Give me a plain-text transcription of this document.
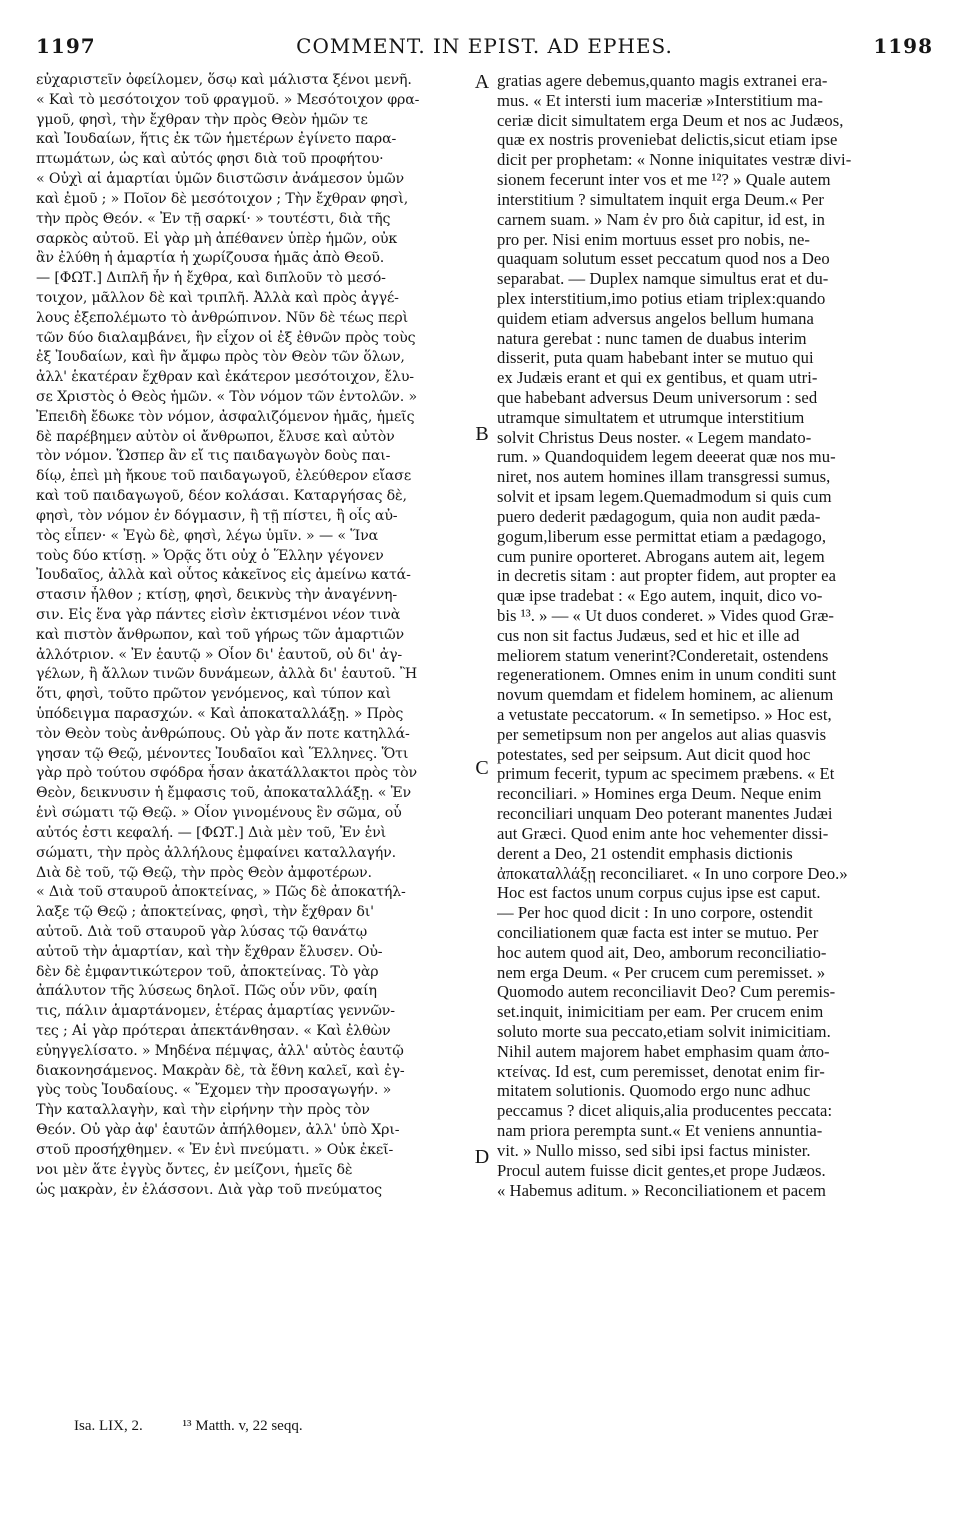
1197	COMMENT. IN EPIST. AD EPHES.	1198
εὐχαριστεῖν ὀφείλομεν, ὅσῳ καὶ μάλιστα ξένοι μενῆ.
« Καὶ τὸ μεσότοιχον τοῦ φραγμοῦ. » Μεσότοιχον φρα-
γμοῦ, φησὶ, τὴν ἔχθραν τὴν πρὸς Θεὸν ἡμῶν τε
καὶ Ἰουδαίων, ἥτις ἐκ τῶν ἡμετέρων ἐγίνετο παρα-
πτωμάτων, ὡς καὶ αὐτός φησι διὰ τοῦ προφήτου·
« Οὐχὶ αἱ ἁμαρτίαι ὑμῶν διιστῶσιν ἀνάμεσον ὑμῶν
καὶ ἐμοῦ ; » Ποῖον δὲ μεσότοιχον ; Τὴν ἔχθραν φησὶ,
τὴν πρὸς Θεόν. « Ἐν τῇ σαρκί· » τουτέστι, διὰ τῆς
σαρκὸς αὐτοῦ. Εἰ γὰρ μὴ ἀπέθανεν ὑπὲρ ἡμῶν, οὐκ
ἂν ἐλύθη ἡ ἁμαρτία ἡ χωρίζουσα ἡμᾶς ἀπὸ Θεοῦ.
— [ΦΩΤ.] Διπλῆ ἦν ἡ ἔχθρα, καὶ διπλοῦν τὸ μεσό-
τοιχον, μᾶλλον δὲ καὶ τριπλῆ. Ἀλλὰ καὶ πρὸς ἀγγέ-
λους ἐξεπολέμωτο τὸ ἀνθρώπινον. Νῦν δὲ τέως περὶ
τῶν δύο διαλαμβάνει, ἣν εἶχον οἱ ἐξ ἐθνῶν πρὸς τοὺς
ἐξ Ἰουδαίων, καὶ ἣν ἄμφω πρὸς τὸν Θεὸν τῶν ὅλων,
ἀλλ' ἑκατέραν ἔχθραν καὶ ἑκάτερον μεσότοιχον, ἔλυ-
σε Χριστὸς ὁ Θεὸς ἡμῶν. « Τὸν νόμον τῶν ἐντολῶν. »
Ἐπειδὴ ἔδωκε τὸν νόμον, ἀσφαλιζόμενον ἡμᾶς, ἡμεῖς
δὲ παρέβημεν αὐτὸν οἱ ἄνθρωποι, ἔλυσε καὶ αὐτὸν
τὸν νόμον. Ὥσπερ ἂν εἴ τις παιδαγωγὸν δοὺς παι-
δίῳ, ἐπεὶ μὴ ἤκουε τοῦ παιδαγωγοῦ, ἐλεύθερον εἴασε
καὶ τοῦ παιδαγωγοῦ, δέον κολάσαι. Καταργήσας δὲ,
φησὶ, τὸν νόμον ἐν δόγμασιν, ἢ τῇ πίστει, ἢ οἷς αὐ-
τὸς εἶπεν· « Ἐγὼ δὲ, φησὶ, λέγω ὑμῖν. » — « Ἵνα
τοὺς δύο κτίσῃ. » Ὁρᾷς ὅτι οὐχ ὁ Ἕλλην γέγονεν
Ἰουδαῖος, ἀλλὰ καὶ οὗτος κἀκεῖνος εἰς ἀμείνω κατά-
στασιν ἦλθον ; κτίσῃ, φησὶ, δεικνὺς τὴν ἀναγέννη-
σιν. Εἰς ἕνα γὰρ πάντες εἰσὶν ἐκτισμένοι νέον τινὰ
καὶ πιστὸν ἄνθρωπον, καὶ τοῦ γήρως τῶν ἁμαρτιῶν
ἀλλότριον. « Ἐν ἑαυτῷ » Οἷον δι' ἑαυτοῦ, οὐ δι' ἀγ-
γέλων, ἢ ἄλλων τινῶν δυνάμεων, ἀλλὰ δι' ἑαυτοῦ. Ἢ
ὅτι, φησὶ, τοῦτο πρῶτον γενόμενος, καὶ τύπον καὶ
ὑπόδειγμα παρασχών. « Καὶ ἀποκαταλλάξῃ. » Πρὸς
τὸν Θεὸν τοὺς ἀνθρώπους. Οὐ γὰρ ἄν ποτε κατηλλά-
γησαν τῷ Θεῷ, μένοντες Ἰουδαῖοι καὶ Ἕλληνες. Ὅτι
γὰρ πρὸ τούτου σφόδρα ἦσαν ἀκατάλλακτοι πρὸς τὸν
Θεὸν, δεικνυσιν ἡ ἔμφασις τοῦ, ἀποκαταλλάξῃ. « Ἐν
ἑνὶ σώματι τῷ Θεῷ. » Οἷον γινομένους ἓν σῶμα, οὗ
αὐτός ἐστι κεφαλή. — [ΦΩΤ.] Διὰ μὲν τοῦ, Ἐν ἑνὶ
σώματι, τὴν πρὸς ἀλλήλους ἐμφαίνει καταλλαγήν.
Διὰ δὲ τοῦ, τῷ Θεῷ, τὴν πρὸς Θεὸν ἀμφοτέρων.
« Διὰ τοῦ σταυροῦ ἀποκτείνας, » Πῶς δὲ ἀποκατήλ-
λαξε τῷ Θεῷ ; ἀποκτείνας, φησὶ, τὴν ἔχθραν δι'
αὐτοῦ. Διὰ τοῦ σταυροῦ γὰρ λύσας τῷ θανάτῳ
αὐτοῦ τὴν ἁμαρτίαν, καὶ τὴν ἔχθραν ἔλυσεν. Οὐ-
δὲν δὲ ἐμφαντικώτερον τοῦ, ἀποκτείνας. Τὸ γὰρ
ἀπάλυτον τῆς λύσεως δηλοῖ. Πῶς οὖν νῦν, φαίη
τις, πάλιν ἁμαρτάνομεν, ἑτέρας ἁμαρτίας γεννῶν-
τες ; Αἱ γὰρ πρότεραι ἀπεκτάνθησαν. « Καὶ ἐλθὼν
εὐηγγελίσατο. » Μηδένα πέμψας, ἀλλ' αὐτὸς ἑαυτῷ
διακονησάμενος. Μακρὰν δὲ, τὰ ἔθνη καλεῖ, καὶ ἐγ-
γὺς τοὺς Ἰουδαίους. « Ἔχομεν τὴν προσαγωγήν. »
Τὴν καταλλαγὴν, καὶ τὴν εἰρήνην τὴν πρὸς τὸν
Θεόν. Οὐ γὰρ ἀφ' ἑαυτῶν ἀπήλθομεν, ἀλλ' ὑπὸ Χρι-
στοῦ προσήχθημεν. « Ἐν ἑνὶ πνεύματι. » Οὐκ ἐκεῖ-
νοι μὲν ἅτε ἐγγὺς ὄντες, ἐν μείζονι, ἡμεῖς δὲ
ὡς μακρὰν, ἐν ἐλάσσονι. Διὰ γὰρ τοῦ πνεύματος
gratias agere debemus,quanto magis extranei era-
mus. « Et intersti ium maceriæ »Interstitium ma-
ceriæ dicit simultatem erga Deum et nos ac Judæos,
quæ ex nostris proveniebat delictis,sicut etiam ipse
dicit per prophetam: « Nonne iniquitates vestræ divi-
sionem fecerunt inter vos et me ¹²? » Quale autem
interstitium ? simultatem inquit erga Deum.« Per
carnem suam. » Nam ἐν pro διὰ capitur, id est, in
pro per. Nisi enim mortuus esset pro nobis, ne-
quaquam solutum esset peccatum quod nos a Deo
separabat. — Duplex namque simultus erat et du-
plex interstitium,imo potius etiam triplex:quando
quidem etiam adversus angelos bellum humana
natura gerebat : nunc tamen de duabus interim
disserit, puta quam habebant inter se mutuo qui
ex Judæis erant et qui ex gentibus, et quam utri-
que habebant adversus Deum universorum : sed
utramque simultatem et utrumque interstitium
solvit Christus Deus noster. « Legem mandato-
rum. » Quandoquidem legem deeerat quæ nos mu-
niret, nos autem homines illam transgressi sumus,
solvit et ipsam legem.Quemadmodum si quis cum
puero dederit pædagogum, quia non audit pæda-
gogum,liberum esse permittat etiam a pædagogo,
cum punire oporteret. Abrogans autem ait, legem
in decretis sitam : aut propter fidem, aut propter ea
quæ ipse tradebat : « Ego autem, inquit, dico vo-
bis ¹³. » — « Ut duos conderet. » Vides quod Græ-
cus non sit factus Judæus, sed et hic et ille ad
meliorem statum venerint?Conderetait, ostendens
regenerationem. Omnes enim in unum conditi sunt
novum quemdam et fidelem hominem, ac alienum
a vetustate peccatorum. « In semetipso. » Hoc est,
per semetipsum non per angelos aut alias quasvis
potestates, sed per seipsum. Aut dicit quod hoc
primum fecerit, typum ac specimem præbens. « Et
reconciliari. » Homines erga Deum. Neque enim
reconciliari unquam Deo poterant manentes Judæi
aut Græci. Quod enim ante hoc vehementer dissi-
derent a Deo, 21 ostendit emphasis dictionis
ἀποκαταλλάξῃ reconciliaret. « In uno corpore Deo.»
Hoc est factos unum corpus cujus ipse est caput.
— Per hoc quod dicit : In uno corpore, ostendit
conciliationem quæ facta est inter se mutuo. Per
hoc autem quod ait, Deo, amborum reconciliatio-
nem erga Deum. « Per crucem cum peremisset. »
Quomodo autem reconciliavit Deo? Cum peremis-
set.inquit, inimicitiam per eam. Per crucem enim
soluto morte sua peccato,etiam solvit inimicitiam.
Nihil autem majorem habet emphasim quam ἀπο-
κτείνας. Id est, cum peremisset, denotat enim fir-
mitatem solutionis. Quomodo ergo nunc adhuc
peccamus ? dicet aliquis,alia producentes peccata:
nam priora perempta sunt.« Et veniens annuntia-
vit. » Nullo misso, sed sibi ipsi factus minister.
Procul autem fuisse dicit gentes,et prope Judæos.
« Habemus aditum. » Reconciliationem et pacem
A
B
C
D
Isa. LIX, 2.	¹³ Matth. v, 22 seqq.
